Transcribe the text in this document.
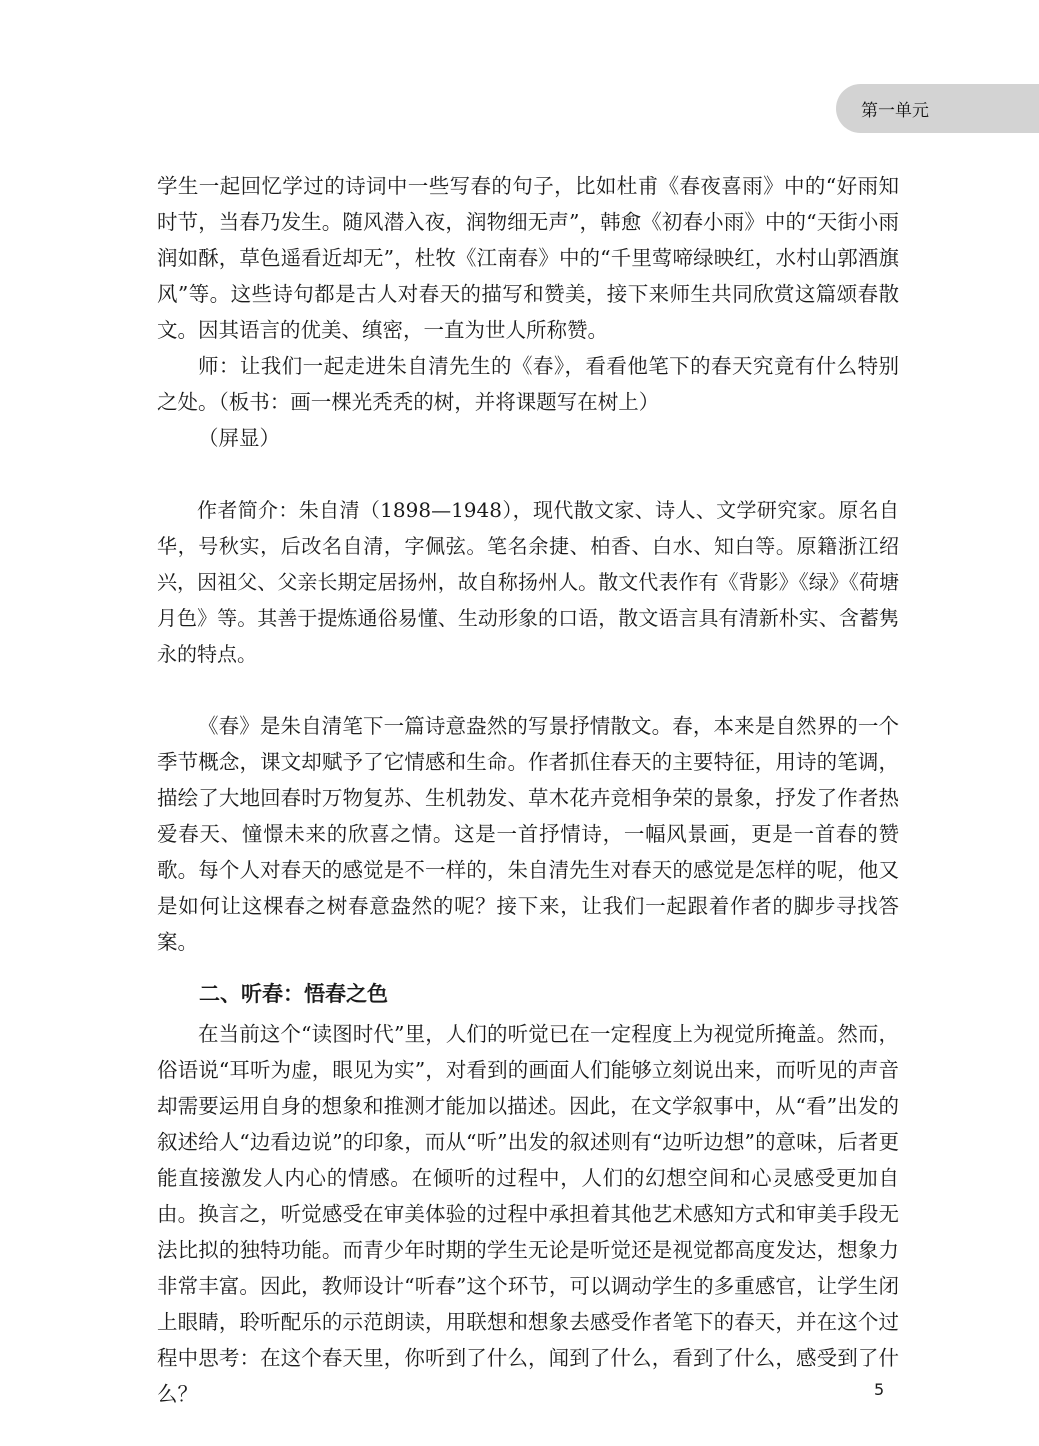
第一单元

学生一起回忆学过的诗词中一些写春的句子，比如杜甫《春夜喜雨》中的“好雨知时节，当春乃发生。随风潜入夜，润物细无声”，韩愈《初春小雨》中的“天街小雨润如酥，草色遥看近却无”，杜牧《江南春》中的“千里莺啼绿映红，水村山郭酒旗风”等。这些诗句都是古人对春天的描写和赞美，接下来师生共同欣赏这篇颂春散文。因其语言的优美、缜密，一直为世人所称赞。

师：让我们一起走进朱自清先生的《春》，看看他笔下的春天究竟有什么特别之处。（板书：画一棵光秃秃的树，并将课题写在树上）

（屏显）

作者简介：朱自清（1898—1948），现代散文家、诗人、文学研究家。原名自华，号秋实，后改名自清，字佩弦。笔名余捷、柏香、白水、知白等。原籍浙江绍兴，因祖父、父亲长期定居扬州，故自称扬州人。散文代表作有《背影》《绿》《荷塘月色》等。其善于提炼通俗易懂、生动形象的口语，散文语言具有清新朴实、含蓄隽永的特点。

《春》是朱自清笔下一篇诗意盎然的写景抒情散文。春，本来是自然界的一个季节概念，课文却赋予了它情感和生命。作者抓住春天的主要特征，用诗的笔调，描绘了大地回春时万物复苏、生机勃发、草木花卉竞相争荣的景象，抒发了作者热爱春天、憧憬未来的欣喜之情。这是一首抒情诗，一幅风景画，更是一首春的赞歌。每个人对春天的感觉是不一样的，朱自清先生对春天的感觉是怎样的呢，他又是如何让这棵春之树春意盎然的呢？接下来，让我们一起跟着作者的脚步寻找答案。

二、听春：悟春之色

在当前这个“读图时代”里，人们的听觉已在一定程度上为视觉所掩盖。然而，俗语说“耳听为虚，眼见为实”，对看到的画面人们能够立刻说出来，而听见的声音却需要运用自身的想象和推测才能加以描述。因此，在文学叙事中，从“看”出发的叙述给人“边看边说”的印象，而从“听”出发的叙述则有“边听边想”的意味，后者更能直接激发人内心的情感。在倾听的过程中，人们的幻想空间和心灵感受更加自由。换言之，听觉感受在审美体验的过程中承担着其他艺术感知方式和审美手段无法比拟的独特功能。而青少年时期的学生无论是听觉还是视觉都高度发达，想象力非常丰富。因此，教师设计“听春”这个环节，可以调动学生的多重感官，让学生闭上眼睛，聆听配乐的示范朗读，用联想和想象去感受作者笔下的春天，并在这个过程中思考：在这个春天里，你听到了什么，闻到了什么，看到了什么，感受到了什么？	5
